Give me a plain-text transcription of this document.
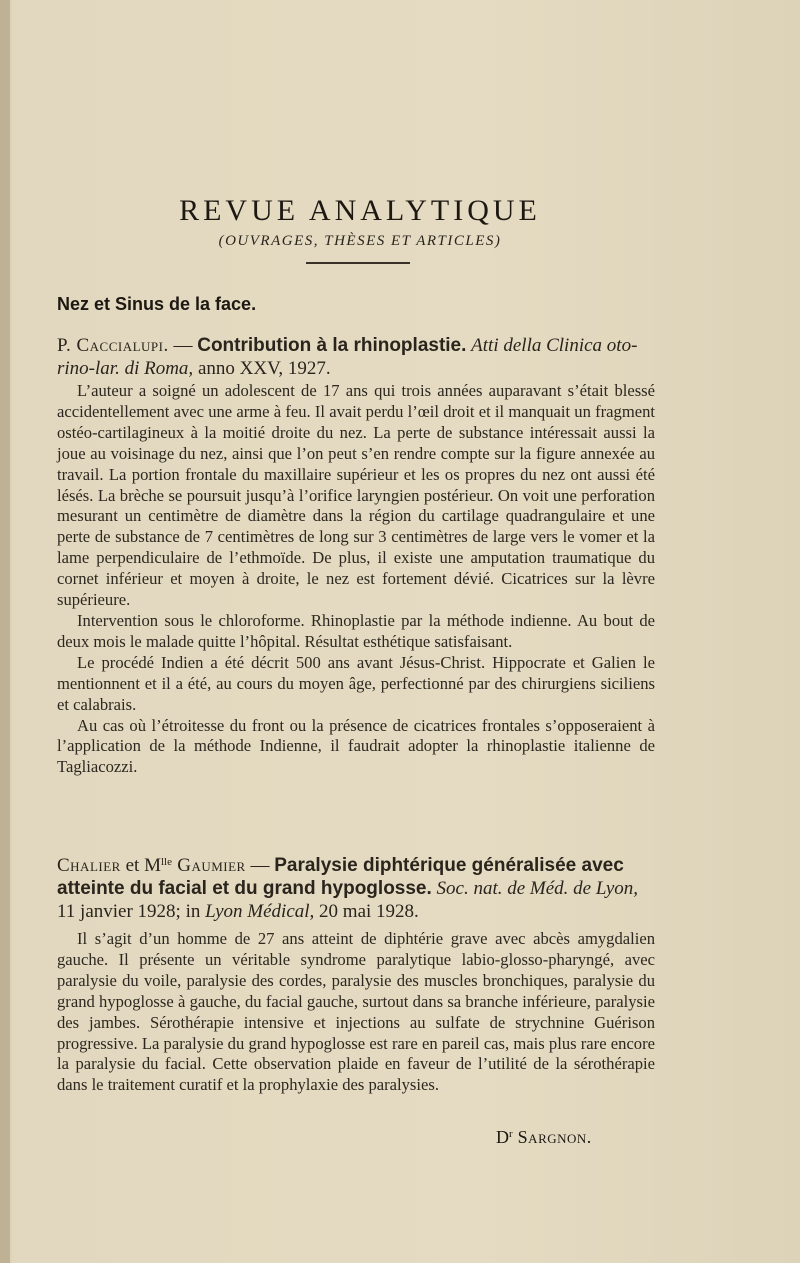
REVUE ANALYTIQUE
(OUVRAGES, THÈSES ET ARTICLES)
Nez et Sinus de la face.
P. Caccialupi. — Contribution à la rhinoplastie. Atti della Clinica oto-rino-lar. di Roma, anno XXV, 1927.

L’auteur a soigné un adolescent de 17 ans qui trois années auparavant s’était blessé accidentellement avec une arme à feu. Il avait perdu l’œil droit et il manquait un fragment ostéo-cartilagineux à la moitié droite du nez. La perte de substance intéressait aussi la joue au voisinage du nez, ainsi que l’on peut s’en rendre compte sur la figure annexée au travail. La portion frontale du maxillaire supérieur et les os propres du nez ont aussi été lésés. La brèche se poursuit jusqu’à l’orifice laryngien postérieur. On voit une perforation mesurant un centimètre de diamètre dans la région du cartilage quadrangulaire et une perte de substance de 7 centimètres de long sur 3 centimètres de large vers le vomer et la lame perpendiculaire de l’ethmoïde. De plus, il existe une amputation traumatique du cornet inférieur et moyen à droite, le nez est fortement dévié. Cicatrices sur la lèvre supérieure.

Intervention sous le chloroforme. Rhinoplastie par la méthode indienne. Au bout de deux mois le malade quitte l’hôpital. Résultat esthétique satisfaisant.

Le procédé Indien a été décrit 500 ans avant Jésus-Christ. Hippocrate et Galien le mentionnent et il a été, au cours du moyen âge, perfectionné par des chirurgiens siciliens et calabrais.

Au cas où l’étroitesse du front ou la présence de cicatrices frontales s’opposeraient à l’application de la méthode Indienne, il faudrait adopter la rhinoplastie italienne de Tagliacozzi.

Chalier et $M^{lle}$ Gaumier — Paralysie diphtérique généralisée avec atteinte du facial et du grand hypoglosse. Soc. nat. de Méd. de Lyon, 11 janvier 1928; in Lyon Médical, 20 mai 1928.

Il s’agit d’un homme de 27 ans atteint de diphtérie grave avec abcès amygdalien gauche. Il présente un véritable syndrome paralytique labio-glosso-pharyngé, avec paralysie du voile, paralysie des cordes, paralysie des muscles bronchiques, paralysie du grand hypoglosse à gauche, du facial gauche, surtout dans sa branche inférieure, paralysie des jambes. Sérothérapie intensive et injections au sulfate de strychnine Guérison progressive. La paralysie du grand hypoglosse est rare en pareil cas, mais plus rare encore la paralysie du facial. Cette observation plaide en faveur de l’utilité de la sérothérapie dans le traitement curatif et la prophylaxie des paralysies.

$D^r$ Sargnon.
